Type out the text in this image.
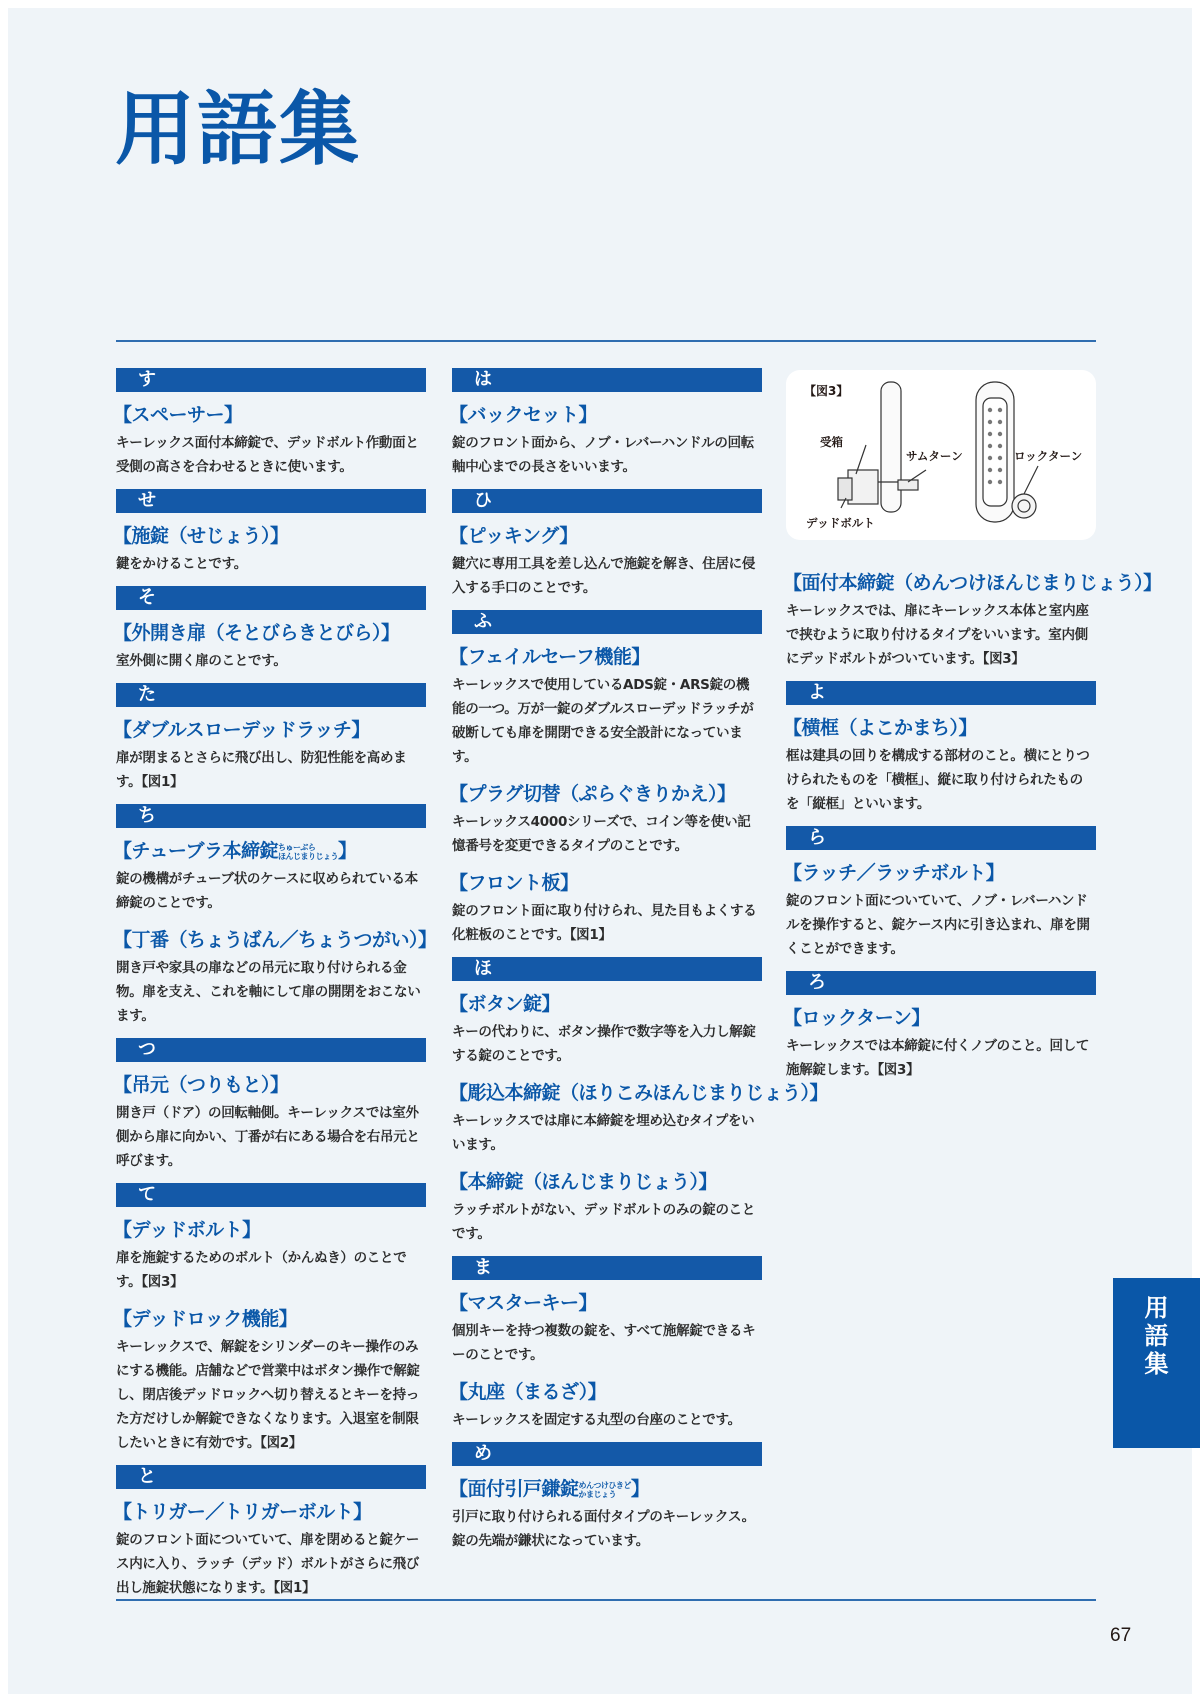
用語集
【図3】
受箱
サムターン	ロックターン
デッドボルト
す
【スペーサー】
キーレックス面付本締錠で、デッドボルト作動面と受側の高さを合わせるときに使います。
せ
【施錠（せじょう）】
鍵をかけることです。
そ
【外開き扉（そとびらきとびら）】
室外側に開く扉のことです。
た
【ダブルスローデッドラッチ】
扉が閉まるとさらに飛び出し、防犯性能を高めます。【図1】
ち
【チューブラ本締錠ちゅーぶら
ほんじまりじょう】
錠の機構がチューブ状のケースに収められている本締錠のことです。
【丁番（ちょうばん／ちょうつがい）】
開き戸や家具の扉などの吊元に取り付けられる金物。扉を支え、これを軸にして扉の開閉をおこないます。
つ
【吊元（つりもと）】
開き戸（ドア）の回転軸側。キーレックスでは室外側から扉に向かい、丁番が右にある場合を右吊元と呼びます。
て
【デッドボルト】
扉を施錠するためのボルト（かんぬき）のことです。【図3】
【デッドロック機能】
キーレックスで、解錠をシリンダーのキー操作のみにする機能。店舗などで営業中はボタン操作で解錠し、閉店後デッドロックへ切り替えるとキーを持った方だけしか解錠できなくなります。入退室を制限したいときに有効です。【図2】
と
【トリガー／トリガーボルト】
錠のフロント面についていて、扉を閉めると錠ケース内に入り、ラッチ（デッド）ボルトがさらに飛び出し施錠状態になります。【図1】
は
【バックセット】
錠のフロント面から、ノブ・レバーハンドルの回転軸中心までの長さをいいます。
ひ
【ピッキング】
鍵穴に専用工具を差し込んで施錠を解き、住居に侵入する手口のことです。
ふ
【フェイルセーフ機能】
キーレックスで使用しているADS錠・ARS錠の機能の一つ。万が一錠のダブルスローデッドラッチが破断しても扉を開閉できる安全設計になっています。
【プラグ切替（ぷらぐきりかえ）】
キーレックス4000シリーズで、コイン等を使い記憶番号を変更できるタイプのことです。
【フロント板】
錠のフロント面に取り付けられ、見た目もよくする化粧板のことです。【図1】
ほ
【ボタン錠】
キーの代わりに、ボタン操作で数字等を入力し解錠する錠のことです。
【彫込本締錠（ほりこみほんじまりじょう）】
キーレックスでは扉に本締錠を埋め込むタイプをいいます。
【本締錠（ほんじまりじょう）】
ラッチボルトがない、デッドボルトのみの錠のことです。
ま
【マスターキー】
個別キーを持つ複数の錠を、すべて施解錠できるキーのことです。
【丸座（まるざ）】
キーレックスを固定する丸型の台座のことです。
め
【面付引戸鎌錠めんつけひきど
かまじょう 】
引戸に取り付けられる面付タイプのキーレックス。錠の先端が鎌状になっています。
【面付本締錠（めんつけほんじまりじょう）】
キーレックスでは、扉にキーレックス本体と室内座で挟むように取り付けるタイプをいいます。室内側にデッドボルトがついています。【図3】
よ
【横框（よこかまち）】
框は建具の回りを構成する部材のこと。横にとりつけられたものを「横框」、縦に取り付けられたものを「縦框」といいます。
ら
【ラッチ／ラッチボルト】
錠のフロント面についていて、ノブ・レバーハンドルを操作すると、錠ケース内に引き込まれ、扉を開くことができます。
ろ
【ロックターン】
キーレックスでは本締錠に付くノブのこと。回して施解錠します。【図3】
用語集
67
